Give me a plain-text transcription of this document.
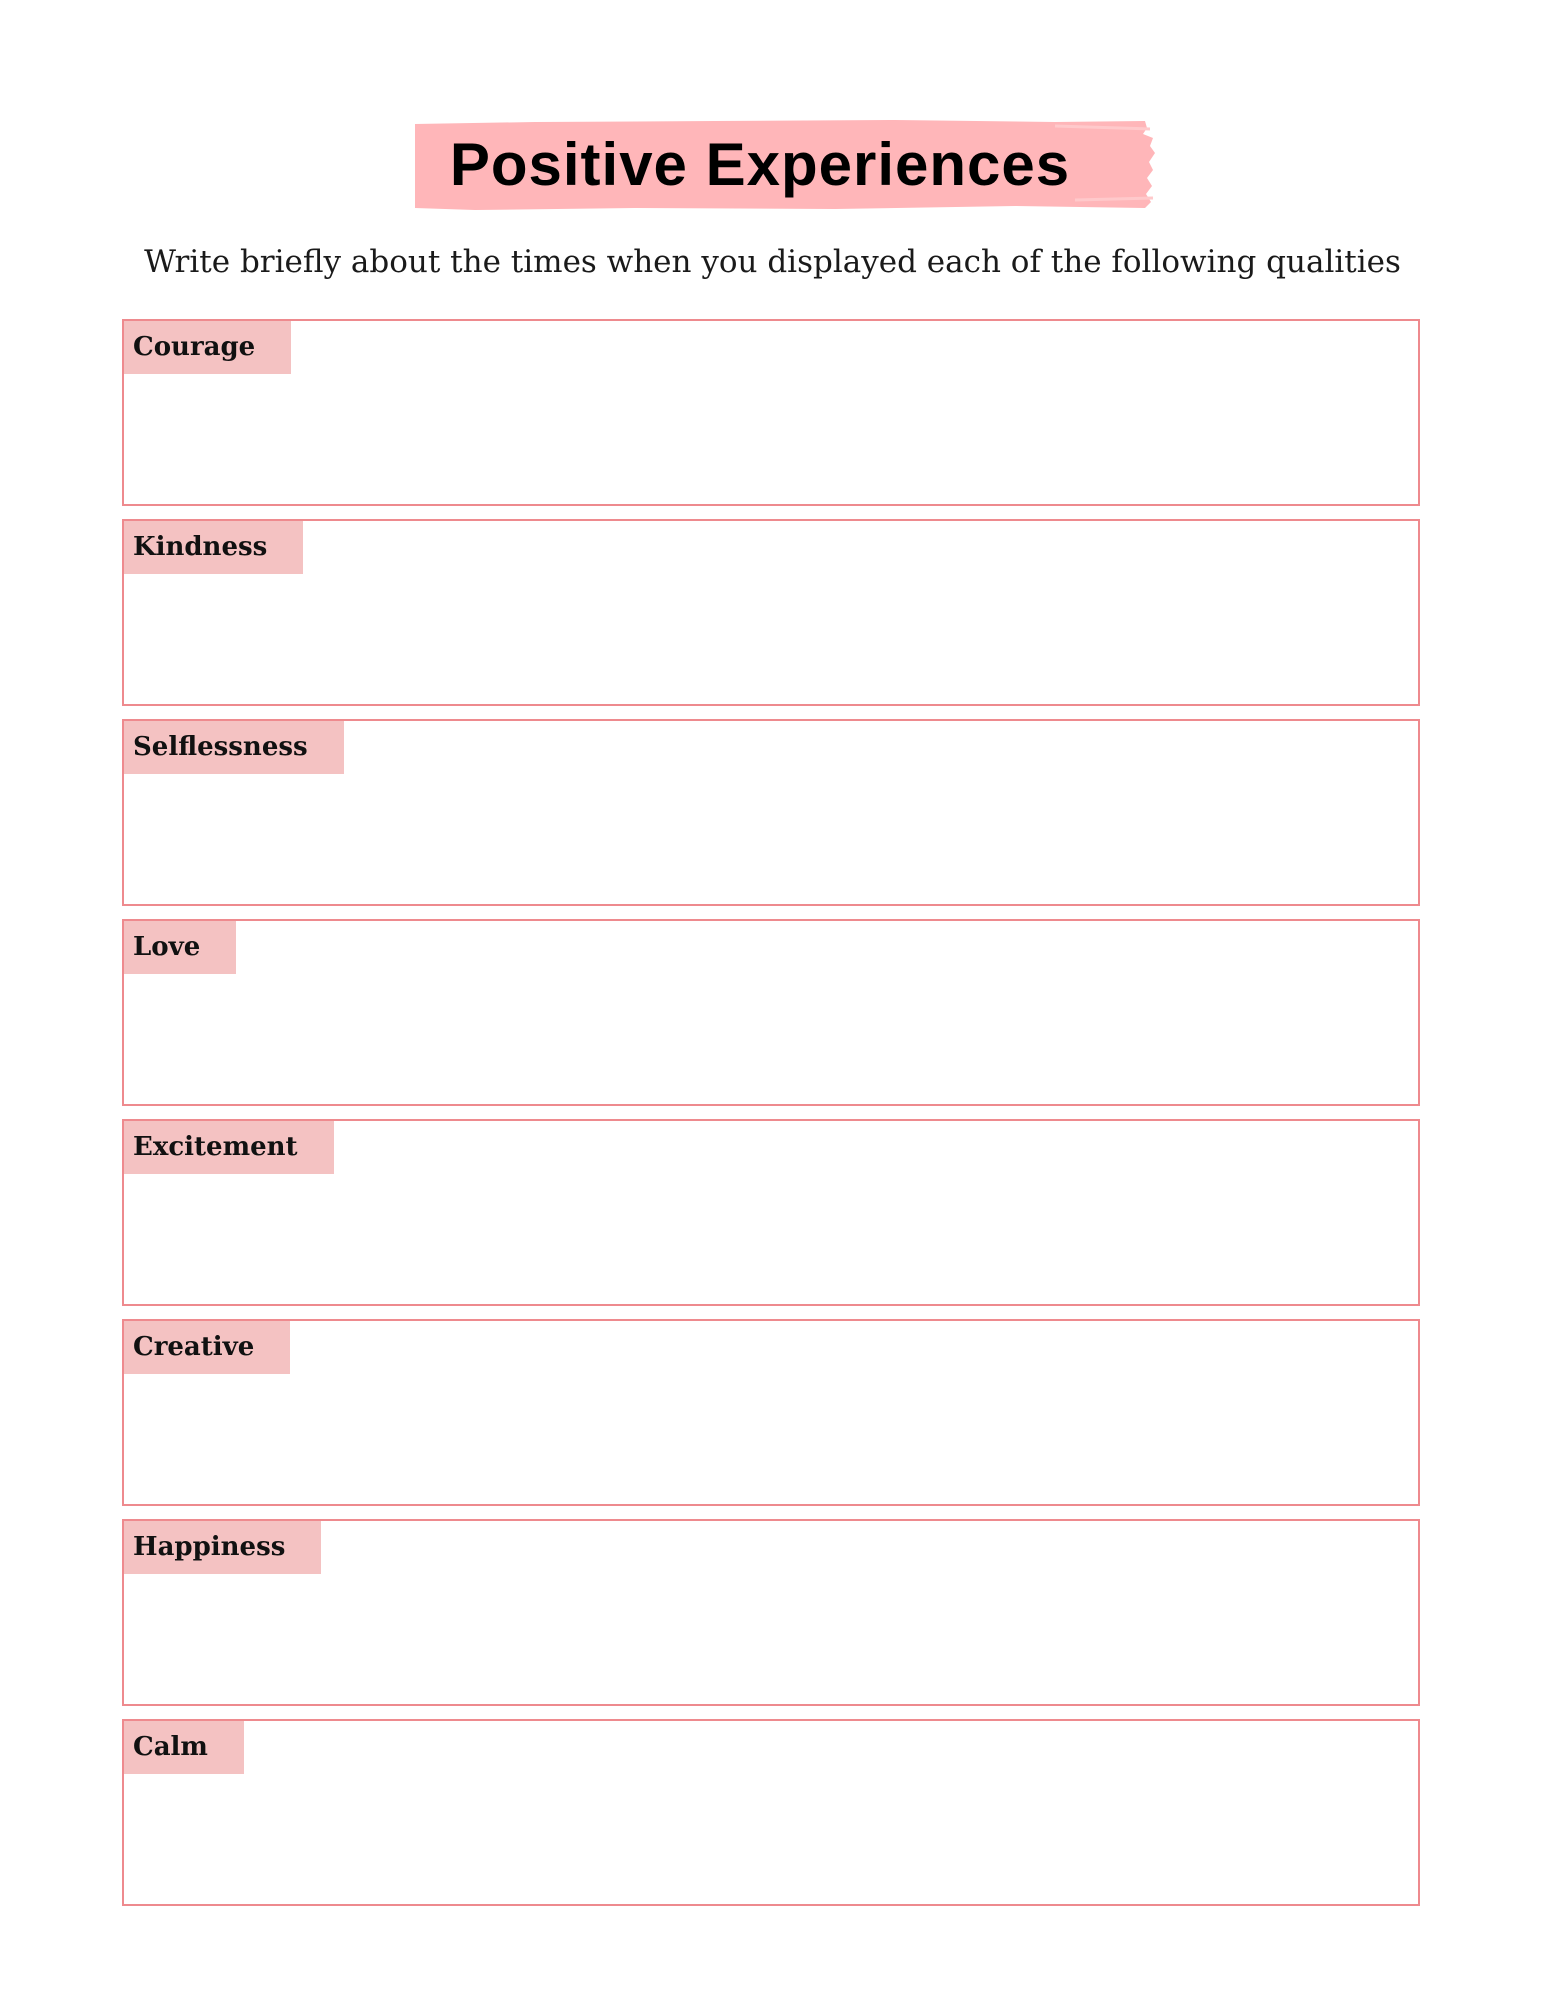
Positive Experiences
Write briefly about the times when you displayed each of the following qualities
Courage
Kindness
Selflessness
Love
Excitement
Creative
Happiness
Calm
